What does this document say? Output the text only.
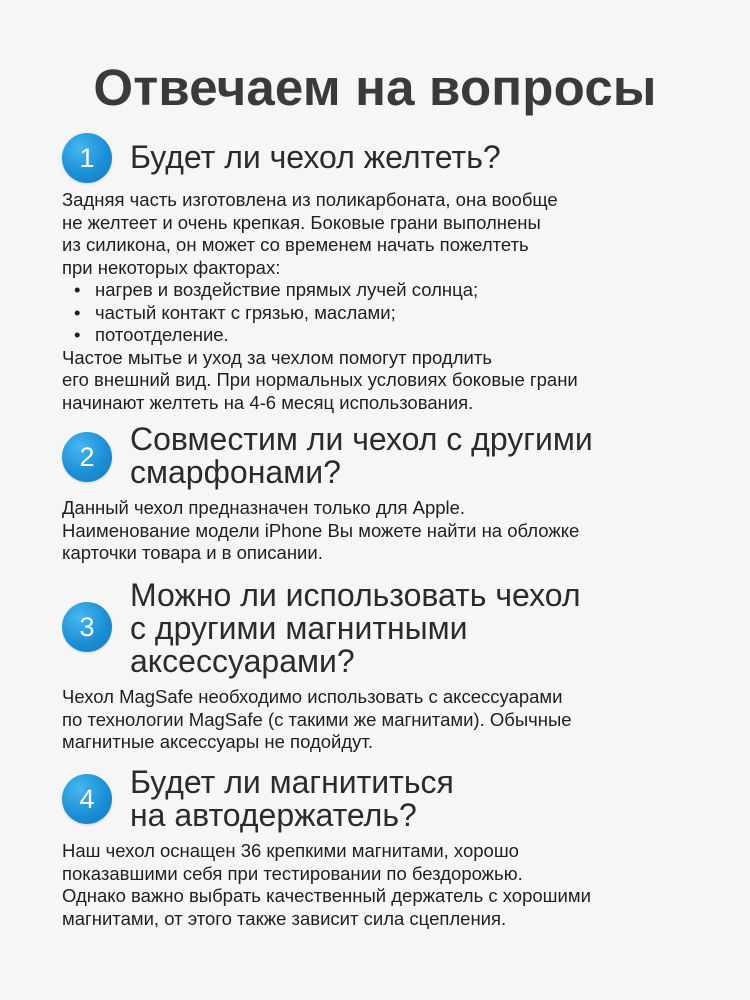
Отвечаем на вопросы
1	Будет ли чехол желтеть?
Задняя часть изготовлена из поликарбоната, она вообще
не желтеет и очень крепкая. Боковые грани выполнены
из силикона, он может со временем начать пожелтеть
при некоторых факторах:
• нагрев и воздействие прямых лучей солнца;
• частый контакт с грязью, маслами;
• потоотделение.
Частое мытье и уход за чехлом помогут продлить
его внешний вид. При нормальных условиях боковые грани
начинают желтеть на 4-6 месяц использования.
2	Совместим ли чехол с другими
смарфонами?
Данный чехол предназначен только для Apple.
Наименование модели iPhone Вы можете найти на обложке
карточки товара и в описании.
3
Можно ли использовать чехол
с другими магнитными
аксессуарами?
Чехол MagSafe необходимо использовать с аксессуарами
по технологии MagSafe (с такими же магнитами). Обычные
магнитные аксессуары не подойдут.
4	Будет ли магнититься
на автодержатель?
Наш чехол оснащен 36 крепкими магнитами, хорошо
показавшими себя при тестировании по бездорожью.
Однако важно выбрать качественный держатель с хорошими
магнитами, от этого также зависит сила сцепления.
